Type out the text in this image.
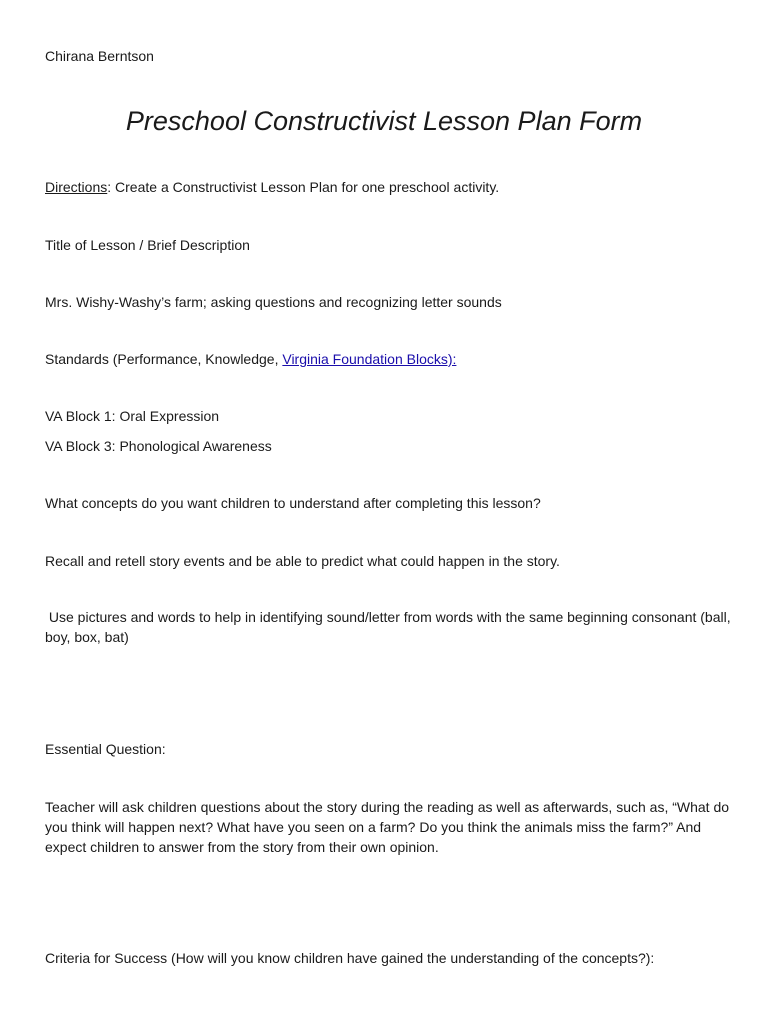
Chirana Berntson

Preschool Constructivist Lesson Plan Form

Directions: Create a Constructivist Lesson Plan for one preschool activity.

Title of Lesson / Brief Description

Mrs. Wishy-Washy’s farm; asking questions and recognizing letter sounds

Standards (Performance, Knowledge, Virginia Foundation Blocks):

VA Block 1: Oral Expression

VA Block 3: Phonological Awareness

What concepts do you want children to understand after completing this lesson?

Recall and retell story events and be able to predict what could happen in the story.

Use pictures and words to help in identifying sound/letter from words with the same beginning consonant (ball, boy, box, bat)

Essential Question:

Teacher will ask children questions about the story during the reading as well as afterwards, such as, “What do you think will happen next? What have you seen on a farm? Do you think the animals miss the farm?” And expect children to answer from the story from their own opinion.

Criteria for Success (How will you know children have gained the understanding of the concepts?):
